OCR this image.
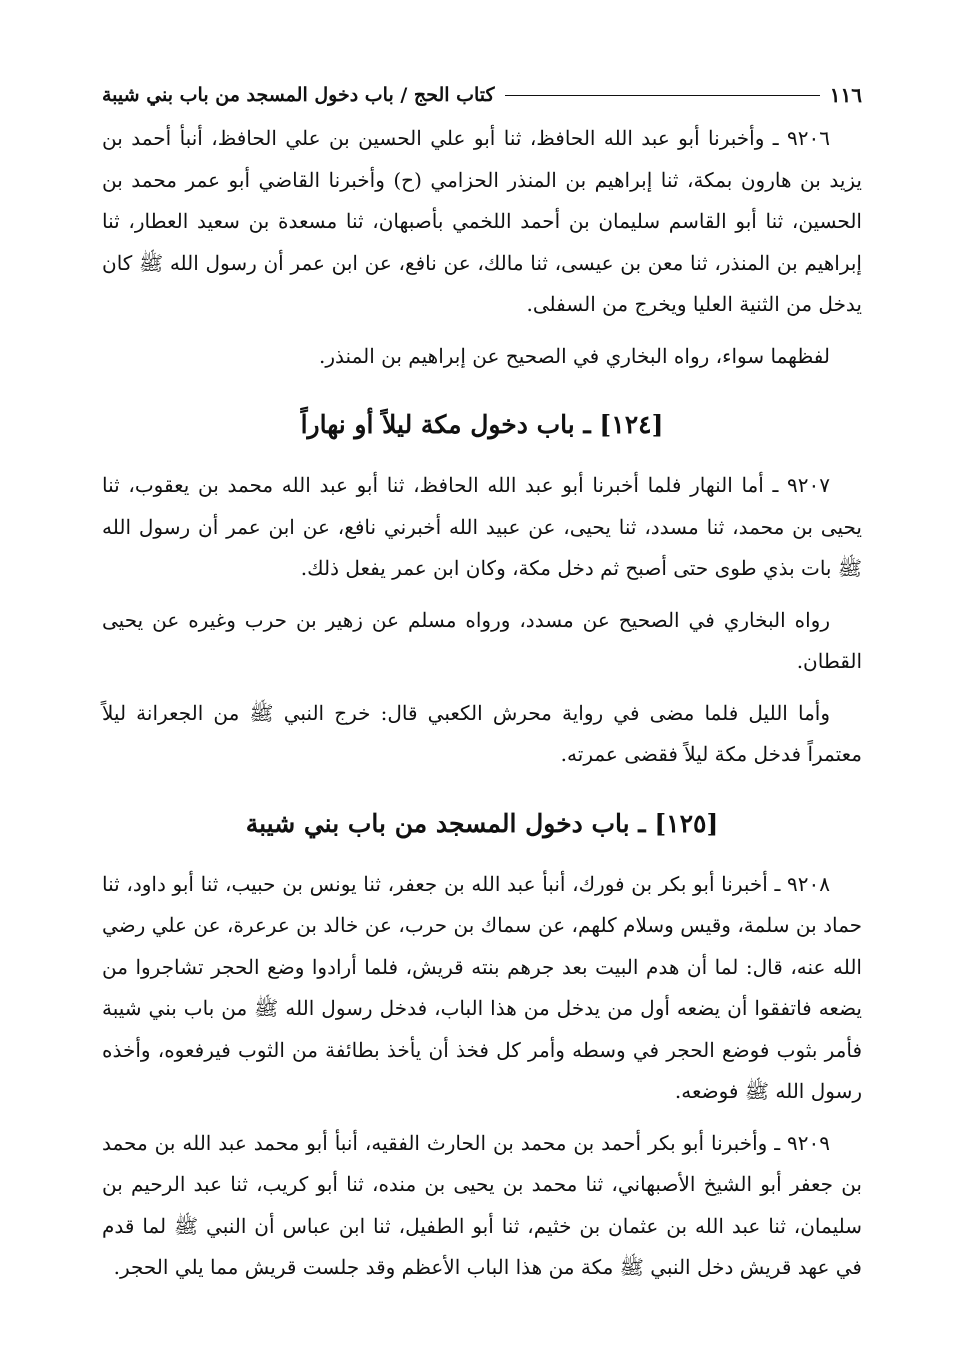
١١٦
كتاب الحج / باب دخول المسجد من باب بني شيبة

٩٢٠٦ ـ وأخبرنا أبو عبد الله الحافظ، ثنا أبو علي الحسين بن علي الحافظ، أنبأ أحمد بن يزيد بن هارون بمكة، ثنا إبراهيم بن المنذر الحزامي (ح) وأخبرنا القاضي أبو عمر محمد بن الحسين، ثنا أبو القاسم سليمان بن أحمد اللخمي بأصبهان، ثنا مسعدة بن سعيد العطار، ثنا إبراهيم بن المنذر، ثنا معن بن عيسى، ثنا مالك، عن نافع، عن ابن عمر أن رسول الله ﷺ كان يدخل من الثنية العليا ويخرج من السفلى.

لفظهما سواء، رواه البخاري في الصحيح عن إبراهيم بن المنذر.

[١٢٤] ـ باب دخول مكة ليلاً أو نهاراً

٩٢٠٧ ـ أما النهار فلما أخبرنا أبو عبد الله الحافظ، ثنا أبو عبد الله محمد بن يعقوب، ثنا يحيى بن محمد، ثنا مسدد، ثنا يحيى، عن عبيد الله أخبرني نافع، عن ابن عمر أن رسول الله ﷺ بات بذي طوى حتى أصبح ثم دخل مكة، وكان ابن عمر يفعل ذلك.

رواه البخاري في الصحيح عن مسدد، ورواه مسلم عن زهير بن حرب وغيره عن يحيى القطان.

وأما الليل فلما مضى في رواية محرش الكعبي قال: خرج النبي ﷺ من الجعرانة ليلاً معتمراً فدخل مكة ليلاً فقضى عمرته.

[١٢٥] ـ باب دخول المسجد من باب بني شيبة

٩٢٠٨ ـ أخبرنا أبو بكر بن فورك، أنبأ عبد الله بن جعفر، ثنا يونس بن حبيب، ثنا أبو داود، ثنا حماد بن سلمة، وقيس وسلام كلهم، عن سماك بن حرب، عن خالد بن عرعرة، عن علي رضي الله عنه، قال: لما أن هدم البيت بعد جرهم بنته قريش، فلما أرادوا وضع الحجر تشاجروا من يضعه فاتفقوا أن يضعه أول من يدخل من هذا الباب، فدخل رسول الله ﷺ من باب بني شيبة فأمر بثوب فوضع الحجر في وسطه وأمر كل فخذ أن يأخذ بطائفة من الثوب فيرفعوه، وأخذه رسول الله ﷺ فوضعه.

٩٢٠٩ ـ وأخبرنا أبو بكر أحمد بن محمد بن الحارث الفقيه، أنبأ أبو محمد عبد الله بن محمد بن جعفر أبو الشيخ الأصبهاني، ثنا محمد بن يحيى بن منده، ثنا أبو كريب، ثنا عبد الرحيم بن سليمان، ثنا عبد الله بن عثمان بن خثيم، ثنا أبو الطفيل، ثنا ابن عباس أن النبي ﷺ لما قدم في عهد قريش دخل النبي ﷺ مكة من هذا الباب الأعظم وقد جلست قريش مما يلي الحجر.
